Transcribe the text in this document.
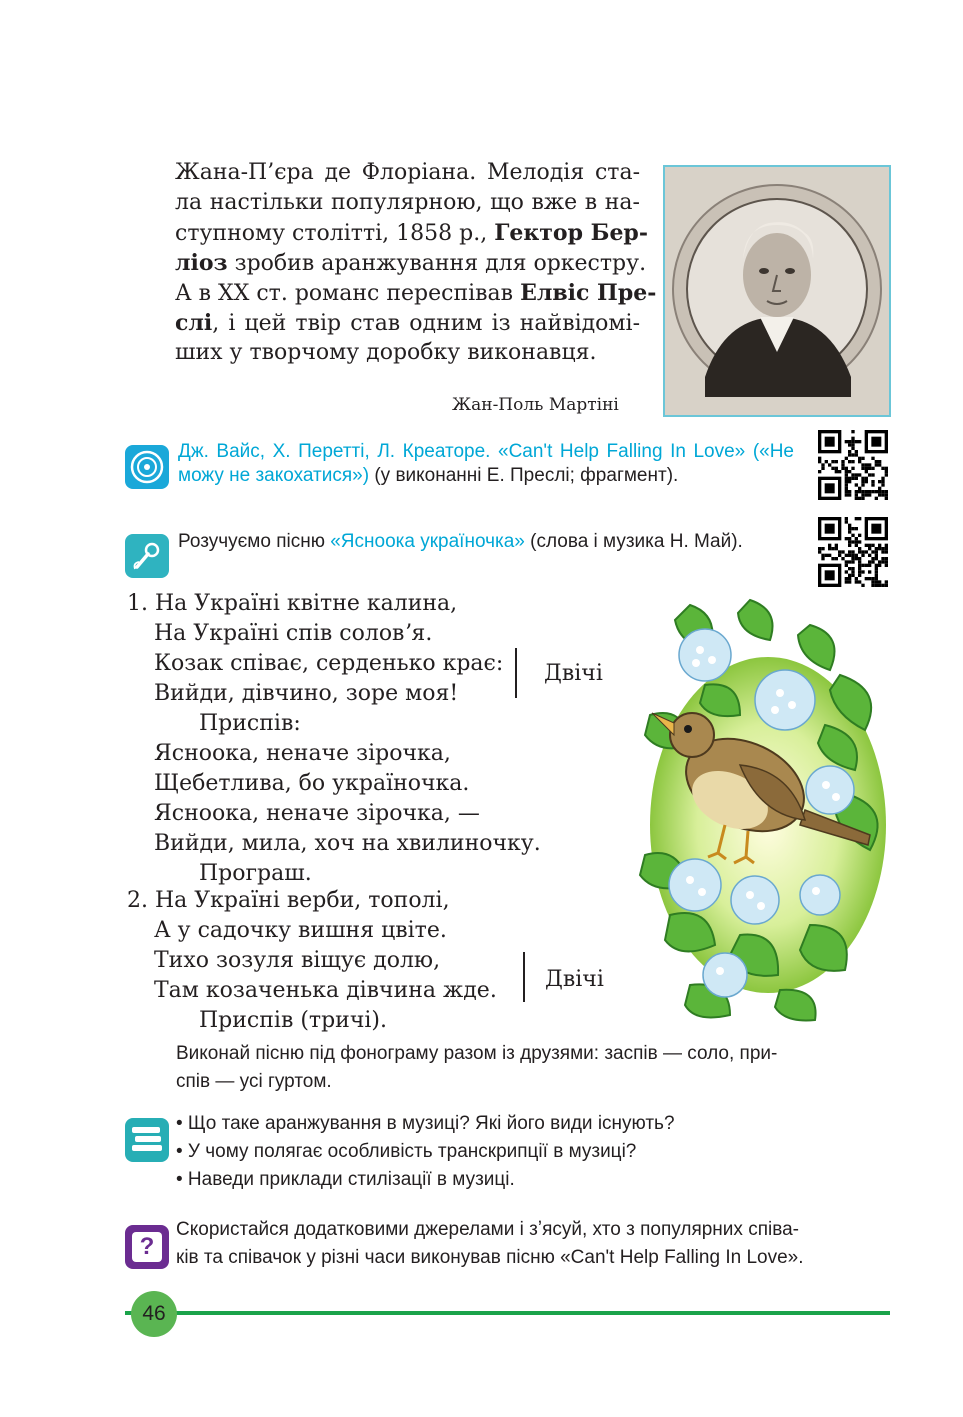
Жана-П’єра де Флоріана. Мелодія ста-
ла настільки популярною, що вже в на-
ступному столітті, 1858 р., Гектор Бер-
ліоз зробив аранжування для оркестру.
А в XX ст. романс переспівав Елвіс Пре-
слі, і цей твір став одним із найвідомі-
ших у творчому доробку виконавця.
Жан-Поль Мартіні
Дж. Вайс, Х. Перетті, Л. Креаторе. «Can't Help Falling In Love» («Не можу не закохатися») (у виконанні Е. Преслі; фрагмент).
Розучуємо пісню «Ясноока україночка» (слова і музика Н. Май).
1. На Україні квітне калина,
На Україні спів соловʼя.
Козак співає, серденько крає:
Вийди, дівчино, зоре моя!
Двічі
Приспів:
Ясноока, неначе зірочка,
Щебетлива, бо україночка.
Ясноока, неначе зірочка, —
Вийди, мила, хоч на хвилиночку.
Програш.
2. На Україні верби, тополі,
А у садочку вишня цвіте.
Тихо зозуля віщує долю,
Там козаченька дівчина жде.
Приспів (тричі).
Двічі
Виконай пісню під фонограму разом із друзями: заспів — соло, при-
спів — усі гуртом.
• Що таке аранжування в музиці? Які його види існують?
• У чому полягає особливість транскрипції в музиці?
• Наведи приклади стилізації в музиці.
?
Скористайся додатковими джерелами і зʼясуй, хто з популярних співа-
ків та співачок у різні часи виконував пісню «Can't Help Falling In Love».
46
